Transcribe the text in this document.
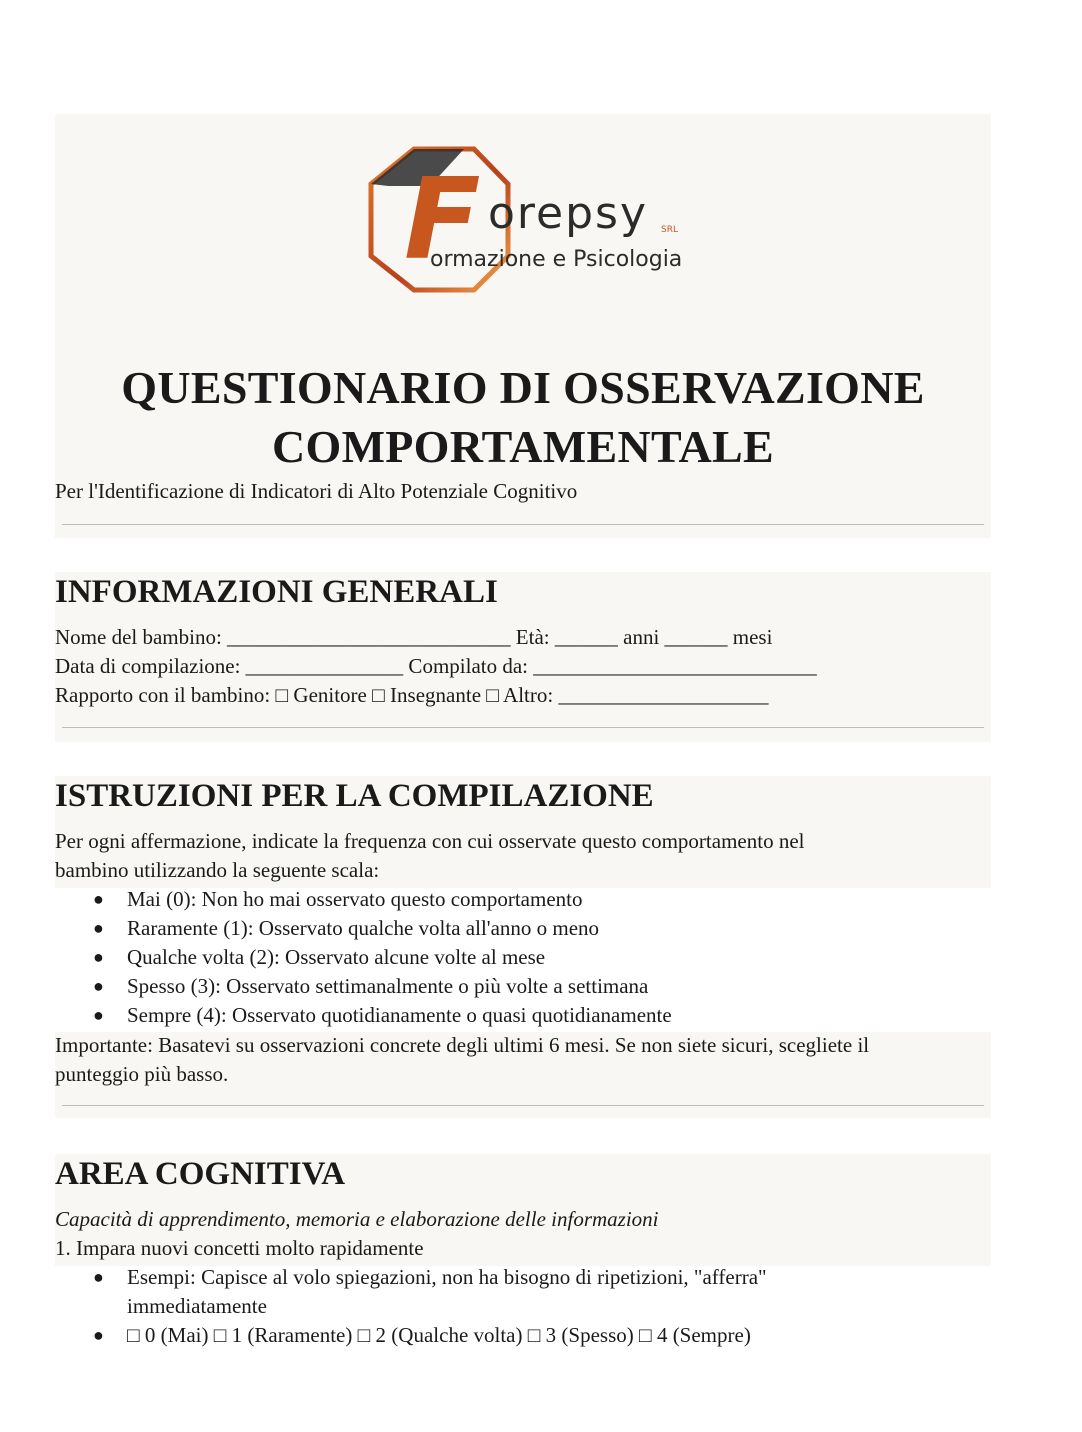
F orepsy SRL
ormazione e Psicologia
QUESTIONARIO DI OSSERVAZIONE
COMPORTAMENTALE

Per l'Identificazione di Indicatori di Alto Potenziale Cognitivo

INFORMAZIONI GENERALI

Nome del bambino: ___________________________ Età: ______ anni ______ mesi

Data di compilazione: _______________ Compilato da: ___________________________

Rapporto con il bambino: □ Genitore □ Insegnante □ Altro: ____________________

ISTRUZIONI PER LA COMPILAZIONE

Per ogni affermazione, indicate la frequenza con cui osservate questo comportamento nel

bambino utilizzando la seguente scala:

● Mai (0): Non ho mai osservato questo comportamento
● Raramente (1): Osservato qualche volta all'anno o meno
● Qualche volta (2): Osservato alcune volte al mese
● Spesso (3): Osservato settimanalmente o più volte a settimana
● Sempre (4): Osservato quotidianamente o quasi quotidianamente

Importante: Basatevi su osservazioni concrete degli ultimi 6 mesi. Se non siete sicuri, scegliete il

punteggio più basso.

AREA COGNITIVA

Capacità di apprendimento, memoria e elaborazione delle informazioni

1. Impara nuovi concetti molto rapidamente

● Esempi: Capisce al volo spiegazioni, non ha bisogno di ripetizioni, "afferra"
immediatamente
● □ 0 (Mai) □ 1 (Raramente) □ 2 (Qualche volta) □ 3 (Spesso) □ 4 (Sempre)
